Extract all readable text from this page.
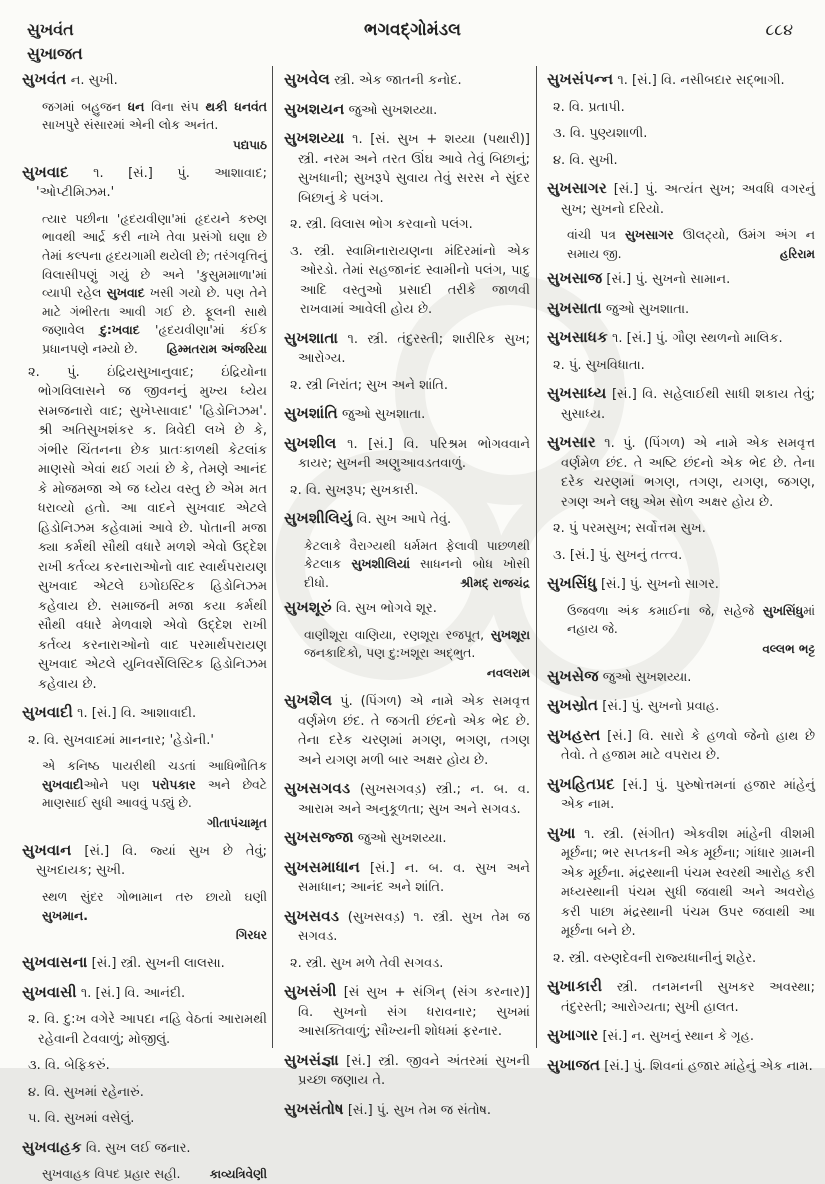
સુખવંત
સુખાજત
ભગવદ્ગોમંડલ	૮૮૪
સુખવંત ન. સુખી.
જગમાં બહુજન ધન વિના સંપ થકી ધનવંત સાખપુરે સંસારમાં એની લોક અનંત.
પદ્યપાઠ
સુખવાદ ૧. [સં.] પું. આશાવાદ; 'ઓપ્ટીમિઝમ.'
ત્યાર પછીના 'હૃદયવીણા'માં હૃદયને કરુણ ભાવથી આર્દ્ર કરી નાખે તેવા પ્રસંગો ઘણા છે તેમાં કલ્પના હૃદયગામી થયેલી છે; તરંગવૃત્તિનું વિલાસીપણું ગયું છે અને 'કુસુમમાળા'માં વ્યાપી રહેલ સુખવાદ ખસી ગયો છે. પણ તેને માટે ગંભીરતા આવી ગઈ છે. ફૂલની સાથે જણાવેલ દુ:ખવાદ 'હૃદયવીણા'માં કંઈક પ્રધાનપણે નમ્યો છે.	હિમ્મતરામ અંજરિયા
૨. પું. ઇંદ્રિયસુખાનુવાદ; ઇંદ્રિયોના ભોગવિલાસને જ જીવનનું મુખ્ય ધ્યેય સમજનારો વાદ; સુખેપ્સાવાદ' 'હિડોનિઝમ'. શ્રી અતિસુખશંકર ક. ત્રિવેદી લખે છે કે, ગંભીર ચિંતનના છેક પ્રાતઃકાળથી કેટલાંક માણસો એવાં થઈ ગયાં છે કે, તેમણે આનંદ કે મોજમજા એ જ ધ્યેય વસ્તુ છે એમ મત ધરાવ્યો હતો. આ વાદને સુખવાદ એટલે હિડોનિઝમ કહેવામાં આવે છે. પોતાની મજા ક્યા કર્મથી સૌથી વધારે મળશે એવો ઉદ્દેશ રાખી કર્તવ્ય કરનારાઓનો વાદ સ્વાર્થપરાયણ સુખવાદ એટલે ઇગોઇસ્ટિક હિડોનિઝમ કહેવાય છે. સમાજની મજા કયા કર્મથી સૌથી વધારે મેળવાશે એવો ઉદ્દેશ રાખી કર્તવ્ય કરનારાઓનો વાદ પરમાર્થપરાયણ સુખવાદ એટલે યુનિવર્સેલિસ્ટિક હિડોનિઝમ કહેવાય છે.
સુખવાદી ૧. [સં.] વિ. આશાવાદી.
૨. વિ. સુખવાદમાં માનનાર; 'હેડોની.'
એ કનિષ્ઠ પાયરીથી ચડતાં આધિભૌતિક સુખવાદીઓને પણ પરોપકાર અને છેવટે માણસાઈ સુધી આવવું પડ્યું છે.
ગીતાપંચામૃત
સુખવાન [સં.] વિ. જ્યાં સુખ છે તેવું; સુખદાયક; સુખી.
સ્થળ સુંદર ગોભામાન તરુ છાયો ઘણી સુખમાન.
ગિરધર
સુખવાસના [સં.] સ્ત્રી. સુખની લાલસા.
સુખવાસી ૧. [સં.] વિ. આનંદી.
૨. વિ. દુ:ખ વગેરે આપદા નહિ વેઠતાં આરામથી રહેવાની ટેવવાળું; મોજીલું.
૩. વિ. બેફિકરું.
૪. વિ. સુખમાં રહેનારું.
૫. વિ. સુખમાં વસેલું.
સુખવાહક વિ. સુખ લઈ જનાર.
સુખવાહક વિપદ પ્રહાર સહી.	કાવ્યત્રિવેણી
સુખવેલ સ્ત્રી. એક જાતની કનોદ.
સુખશયન જુઓ સુખશય્યા.
સુખશય્યા ૧. [સં. સુખ + શય્યા (પથારી)] સ્ત્રી. નરમ અને તરત ઊંઘ આવે તેવું બિછાનું; સુખધાની; સુખરૂપે સુવાય તેવું સરસ ને સુંદર બિછાનું કે પલંગ.
૨. સ્ત્રી. વિલાસ ભોગ કરવાનો પલંગ.
૩. સ્ત્રી. સ્વામિનારાયણના મંદિરમાંનો એક ઓરડો. તેમાં સહજાનંદ સ્વામીનો પલંગ, પાદુ આદિ વસ્તુઓ પ્રસાદી તરીકે જાળવી રાખવામાં આવેલી હોય છે.
સુખશાતા ૧. સ્ત્રી. તંદુરસ્તી; શારીરિક સુખ; આરોગ્ય.
૨. સ્ત્રી નિરાંત; સુખ અને શાંતિ.
સુખશાંતિ જુઓ સુખશાતા.
સુખશીલ ૧. [સં.] વિ. પરિશ્રમ ભોગવવાને કાયર; સુખની અણુઆવડતવાળું.
૨. વિ. સુખરૂપ; સુખકારી.
સુખશીલિયું વિ. સુખ આપે તેવું.
કેટલાકે વૈરાગ્યથી ધર્મમત ફેલાવી પાછળથી કેટલાક સુખશીલિયાં સાધનનો બોધ ખોસી દીધો.	શ્રીમદ્ રાજચંદ્ર
સુખશૂરું વિ. સુખ ભોગવે શૂર.
વાણીશૂરા વાણિયા, રણશૂરા રજપૂત, સુખશૂરા જનકાદિકો, પણ દુ:ખશૂરા અદ્ભુત.
નવલરામ
સુખશૈલ પું. (પિંગળ) એ નામે એક સમવૃત્ત વર્ણમેળ છંદ. તે જગતી છંદનો એક ભેદ છે. તેના દરેક ચરણમાં મગણ, ભગણ, તગણ અને યગણ મળી બાર અક્ષર હોય છે.
સુખસગવડ (સુખસગવડ઼) સ્ત્રી.; ન. બ. વ. આરામ અને અનુકૂળતા; સુખ અને સગવડ.
સુખસજ્જા જુઓ સુખશય્યા.
સુખસમાધાન [સં.] ન. બ. વ. સુખ અને સમાધાન; આનંદ અને શાંતિ.
સુખસવડ (સુખસવડ઼) ૧. સ્ત્રી. સુખ તેમ જ સગવડ.
૨. સ્ત્રી. સુખ મળે તેવી સગવડ.
સુખસંગી [સં સુખ + સંગિન્ (સંગ કરનાર)] વિ. સુખનો સંગ ધરાવનાર; સુખમાં આસક્તિવાળું; સૌખ્યની શોધમાં ફરનાર.
સુખસંજ્ઞા [સં.] સ્ત્રી. જીવને અંતરમાં સુખની પ્રચ્છા જણાય તે.
સુખસંતોષ [સં.] પું. સુખ તેમ જ સંતોષ.
સુખસંપન્ન ૧. [સં.] વિ. નસીબદાર સદ્ભાગી.
૨. વિ. પ્રતાપી.
૩. વિ. પુણ્યશાળી.
૪. વિ. સુખી.
સુખસાગર [સં.] પું. અત્યંત સુખ; અવધિ વગરનું સુખ; સુખનો દરિયો.
વાંચી પત્ર સુખસાગર ઊલટ્યો, ઉમંગ અંગ ન સમાય જી.	હરિરામ
સુખસાજ [સં.] પું. સુખનો સામાન.
સુખસાતા જુઓ સુખશાતા.
સુખસાધક ૧. [સં.] પું. ગૌણ સ્થળનો માલિક.
૨. પું. સુખવિધાતા.
સુખસાધ્ય [સં.] વિ. સહેલાઈથી સાધી શકાય તેવું; સુસાધ્ય.
સુખસાર ૧. પું. (પિંગળ) એ નામે એક સમવૃત્ત વર્ણમેળ છંદ. તે અષ્ટિ છંદનો એક ભેદ છે. તેના દરેક ચરણમાં ભગણ, તગણ, યગણ, જગણ, રગણ અને લઘુ એમ સોળ અક્ષર હોય છે.
૨. પું પરમસુખ; સર્વોત્તમ સુખ.
૩. [સં.] પું. સુખનું તત્ત્વ.
સુખસિંધુ [સં.] પું. સુખનો સાગર.
ઉજવળા અંક કમાઈના જે, સહેજે સુખસિંધુમાં નહાય જે.
વલ્લભ ભટ્ટ
સુખસેજ જુઓ સુખશય્યા.
સુખસ્રોત [સં.] પું. સુખનો પ્રવાહ.
સુખહસ્ત [સં.] વિ. સારો કે હળવો જેનો હાથ છે તેવો. તે હજામ માટે વપરાય છે.
સુખહિતપ્રદ [સં.] પું. પુરુષોત્તમનાં હજાર માંહેનું એક નામ.
સુખા ૧. સ્ત્રી. (સંગીત) એકવીશ માંહેની વીશમી મૂર્છના; ભર સપ્તકની એક મૂર્છના; ગાંધાર ગ્રામની એક મૂર્છના. મંદ્રસ્થાની પંચમ સ્વરથી આરોહ કરી મધ્યસ્થાની પંચમ સુધી જવાથી અને અવરોહ કરી પાછા મંદ્રસ્થાની પંચમ ઉપર જવાથી આ મૂર્છના બને છે.
૨. સ્ત્રી. વરુણદેવની રાજ્યધાનીનું શહેર.
સુખાકારી સ્ત્રી. તનમનની સુખકર અવસ્થા; તંદુરસ્તી; આરોગ્યતા; સુખી હાલત.
સુખાગાર [સં.] ન. સુખનું સ્થાન કે ગૃહ.
સુખાજત [સં.] પું. શિવનાં હજાર માંહેનું એક નામ.
